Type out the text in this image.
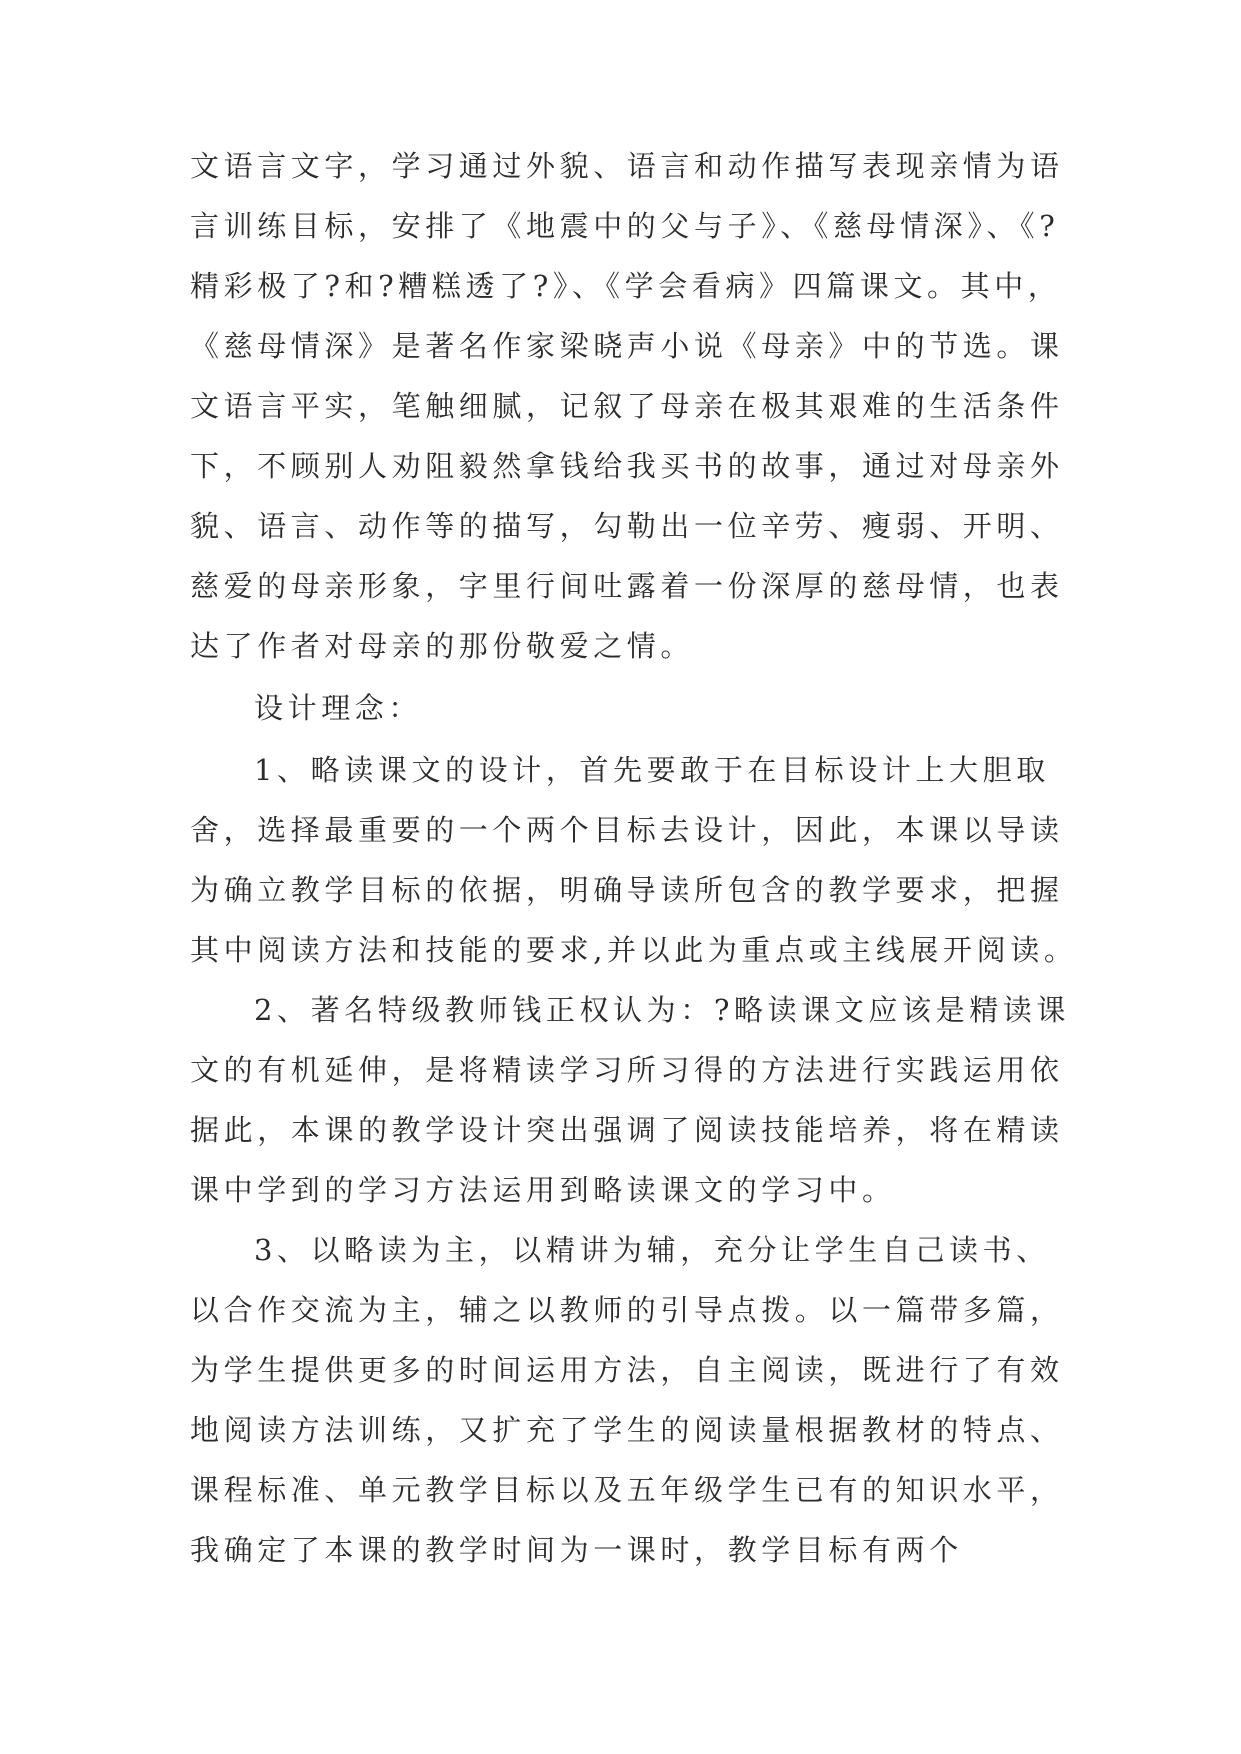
文语言文字，学习通过外貌、语言和动作描写表现亲情为语
言训练目标，安排了《地震中的父与子》、《慈母情深》、《?
精彩极了?和?糟糕透了?》、《学会看病》四篇课文。其中，
《慈母情深》是著名作家梁晓声小说《母亲》中的节选。课
文语言平实，笔触细腻，记叙了母亲在极其艰难的生活条件
下，不顾别人劝阻毅然拿钱给我买书的故事，通过对母亲外
貌、语言、动作等的描写，勾勒出一位辛劳、瘦弱、开明、
慈爱的母亲形象，字里行间吐露着一份深厚的慈母情，也表
达了作者对母亲的那份敬爱之情。
设计理念：
1、略读课文的设计，首先要敢于在目标设计上大胆取
舍，选择最重要的一个两个目标去设计，因此，本课以导读
为确立教学目标的依据，明确导读所包含的教学要求，把握
其中阅读方法和技能的要求,并以此为重点或主线展开阅读。
2、著名特级教师钱正权认为：?略读课文应该是精读课
文的有机延伸，是将精读学习所习得的方法进行实践运用依
据此，本课的教学设计突出强调了阅读技能培养，将在精读
课中学到的学习方法运用到略读课文的学习中。
3、以略读为主，以精讲为辅，充分让学生自己读书、
以合作交流为主，辅之以教师的引导点拨。以一篇带多篇，
为学生提供更多的时间运用方法，自主阅读，既进行了有效
地阅读方法训练，又扩充了学生的阅读量根据教材的特点、
课程标准、单元教学目标以及五年级学生已有的知识水平，
我确定了本课的教学时间为一课时，教学目标有两个
